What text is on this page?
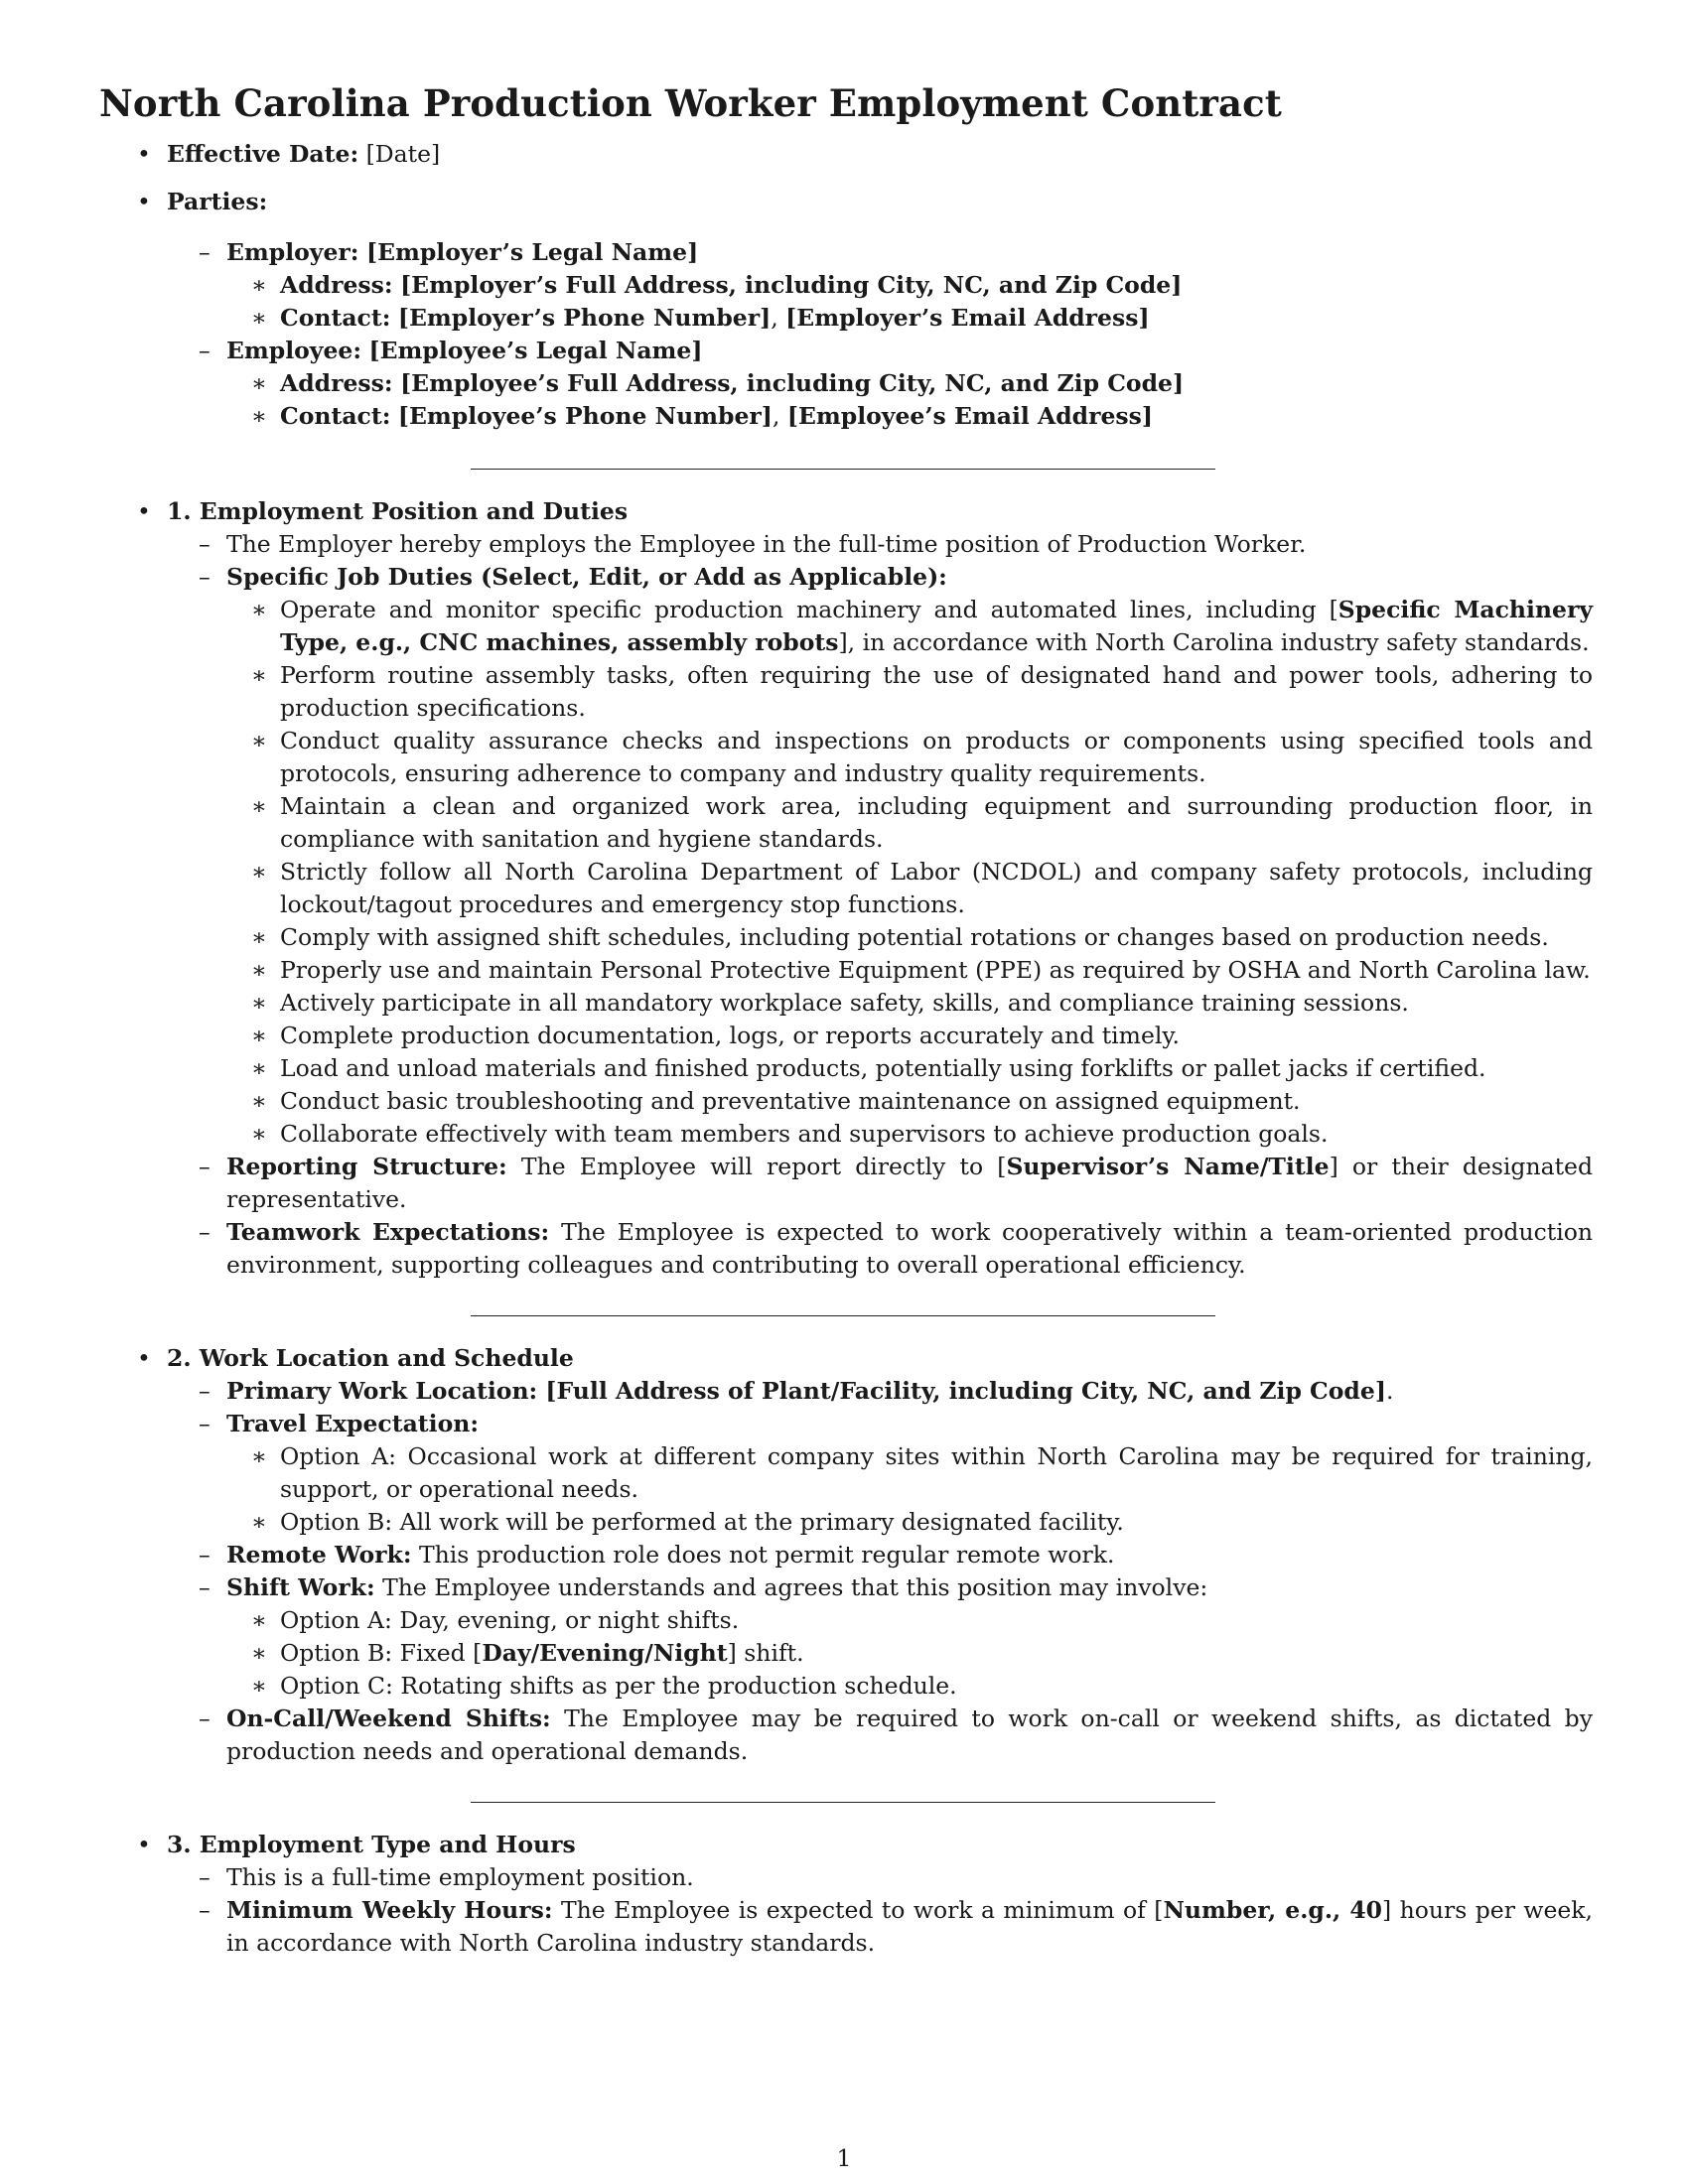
North Carolina Production Worker Employment Contract
• Effective Date: [Date]
• Parties:
– Employer: [Employer’s Legal Name]
∗ Address: [Employer’s Full Address, including City, NC, and Zip Code]
∗ Contact: [Employer’s Phone Number], [Employer’s Email Address]
– Employee: [Employee’s Legal Name]
∗ Address: [Employee’s Full Address, including City, NC, and Zip Code]
∗ Contact: [Employee’s Phone Number], [Employee’s Email Address]
• 1. Employment Position and Duties
– The Employer hereby employs the Employee in the full-time position of Production Worker.
– Specific Job Duties (Select, Edit, or Add as Applicable):
∗ Operate and monitor specific production machinery and automated lines, including [Specific Machinery Type, e.g., CNC machines, assembly robots], in accordance with North Carolina industry safety standards.
∗ Perform routine assembly tasks, often requiring the use of designated hand and power tools, adhering to production specifications.
∗ Conduct quality assurance checks and inspections on products or components using specified tools and protocols, ensuring adherence to company and industry quality requirements.
∗ Maintain a clean and organized work area, including equipment and surrounding production floor, in compliance with sanitation and hygiene standards.
∗ Strictly follow all North Carolina Department of Labor (NCDOL) and company safety protocols, including lockout/tagout procedures and emergency stop functions.
∗ Comply with assigned shift schedules, including potential rotations or changes based on production needs.
∗ Properly use and maintain Personal Protective Equipment (PPE) as required by OSHA and North Carolina law.
∗ Actively participate in all mandatory workplace safety, skills, and compliance training sessions.
∗ Complete production documentation, logs, or reports accurately and timely.
∗ Load and unload materials and finished products, potentially using forklifts or pallet jacks if certified.
∗ Conduct basic troubleshooting and preventative maintenance on assigned equipment.
∗ Collaborate effectively with team members and supervisors to achieve production goals.
– Reporting Structure: The Employee will report directly to [Supervisor’s Name/Title] or their designated representative.
– Teamwork Expectations: The Employee is expected to work cooperatively within a team-oriented production environment, supporting colleagues and contributing to overall operational efficiency.
• 2. Work Location and Schedule
– Primary Work Location: [Full Address of Plant/Facility, including City, NC, and Zip Code].
– Travel Expectation:
∗ Option A: Occasional work at different company sites within North Carolina may be required for training, support, or operational needs.
∗ Option B: All work will be performed at the primary designated facility.
– Remote Work: This production role does not permit regular remote work.
– Shift Work: The Employee understands and agrees that this position may involve:
∗ Option A: Day, evening, or night shifts.
∗ Option B: Fixed [Day/Evening/Night] shift.
∗ Option C: Rotating shifts as per the production schedule.
– On-Call/Weekend Shifts: The Employee may be required to work on-call or weekend shifts, as dictated by production needs and operational demands.
• 3. Employment Type and Hours
– This is a full-time employment position.
– Minimum Weekly Hours: The Employee is expected to work a minimum of [Number, e.g., 40] hours per week, in accordance with North Carolina industry standards.
1
